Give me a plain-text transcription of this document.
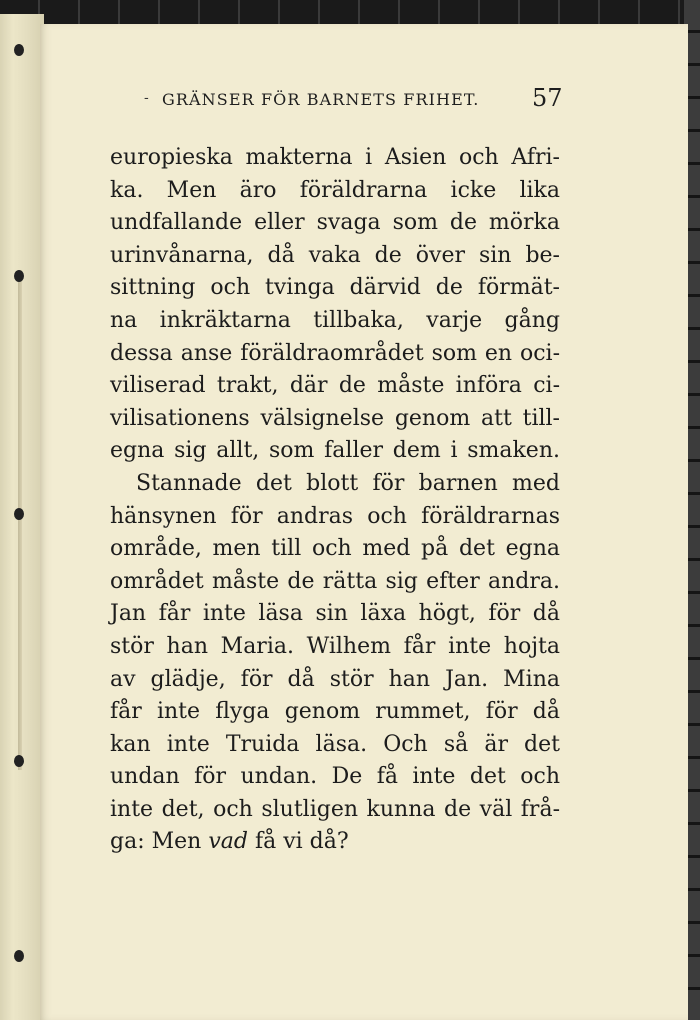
‐ GRÄNSER FÖR BARNETS FRIHET. 57
europieska makterna i Asien och Afri-
ka. Men äro föräldrarna icke lika
undfallande eller svaga som de mörka
urinvånarna, då vaka de över sin be-
sittning och tvinga därvid de förmät-
na inkräktarna tillbaka, varje gång
dessa anse föräldraområdet som en oci-
viliserad trakt, där de måste införa ci-
vilisationens välsignelse genom att till-
egna sig allt, som faller dem i smaken.
Stannade det blott för barnen med
hänsynen för andras och föräldrarnas
område, men till och med på det egna
området måste de rätta sig efter andra.
Jan får inte läsa sin läxa högt, för då
stör han Maria. Wilhem får inte hojta
av glädje, för då stör han Jan. Mina
får inte flyga genom rummet, för då
kan inte Truida läsa. Och så är det
undan för undan. De få inte det och
inte det, och slutligen kunna de väl frå-
ga: Men vad få vi då?
